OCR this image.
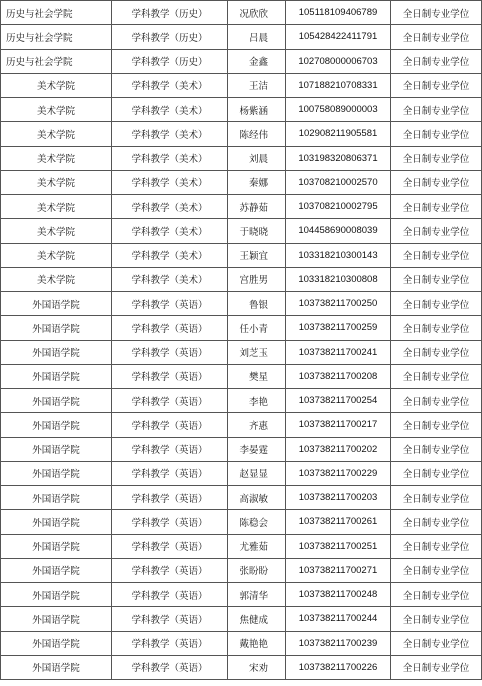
历史与社会学院	学科教学（历史）	况欣欣	105118109406789	全日制专业学位
历史与社会学院	学科教学（历史）	吕晨	105428422411791	全日制专业学位
历史与社会学院	学科教学（历史）	金鑫	102708000006703	全日制专业学位
美术学院	学科教学（美术）	王洁	107188210708331	全日制专业学位
美术学院	学科教学（美术）	杨紫涵	100758089000003	全日制专业学位
美术学院	学科教学（美术）	陈经伟	102908211905581	全日制专业学位
美术学院	学科教学（美术）	刘晨	103198320806371	全日制专业学位
美术学院	学科教学（美术）	秦娜	103708210002570	全日制专业学位
美术学院	学科教学（美术）	苏静茹	103708210002795	全日制专业学位
美术学院	学科教学（美术）	于晓晓	104458690008039	全日制专业学位
美术学院	学科教学（美术）	王颖宜	103318210300143	全日制专业学位
美术学院	学科教学（美术）	宫胜男	103318210300808	全日制专业学位
外国语学院	学科教学（英语）	鲁银	103738211700250	全日制专业学位
外国语学院	学科教学（英语）	任小青	103738211700259	全日制专业学位
外国语学院	学科教学（英语）	刘芝玉	103738211700241	全日制专业学位
外国语学院	学科教学（英语）	樊星	103738211700208	全日制专业学位
外国语学院	学科教学（英语）	李艳	103738211700254	全日制专业学位
外国语学院	学科教学（英语）	齐惠	103738211700217	全日制专业学位
外国语学院	学科教学（英语）	李晏霆	103738211700202	全日制专业学位
外国语学院	学科教学（英语）	赵显显	103738211700229	全日制专业学位
外国语学院	学科教学（英语）	高淑敏	103738211700203	全日制专业学位
外国语学院	学科教学（英语）	陈稳会	103738211700261	全日制专业学位
外国语学院	学科教学（英语）	尤雅茹	103738211700251	全日制专业学位
外国语学院	学科教学（英语）	张盼盼	103738211700271	全日制专业学位
外国语学院	学科教学（英语）	郭清华	103738211700248	全日制专业学位
外国语学院	学科教学（英语）	焦健成	103738211700244	全日制专业学位
外国语学院	学科教学（英语）	戴艳艳	103738211700239	全日制专业学位
外国语学院	学科教学（英语）	宋劝	103738211700226	全日制专业学位
